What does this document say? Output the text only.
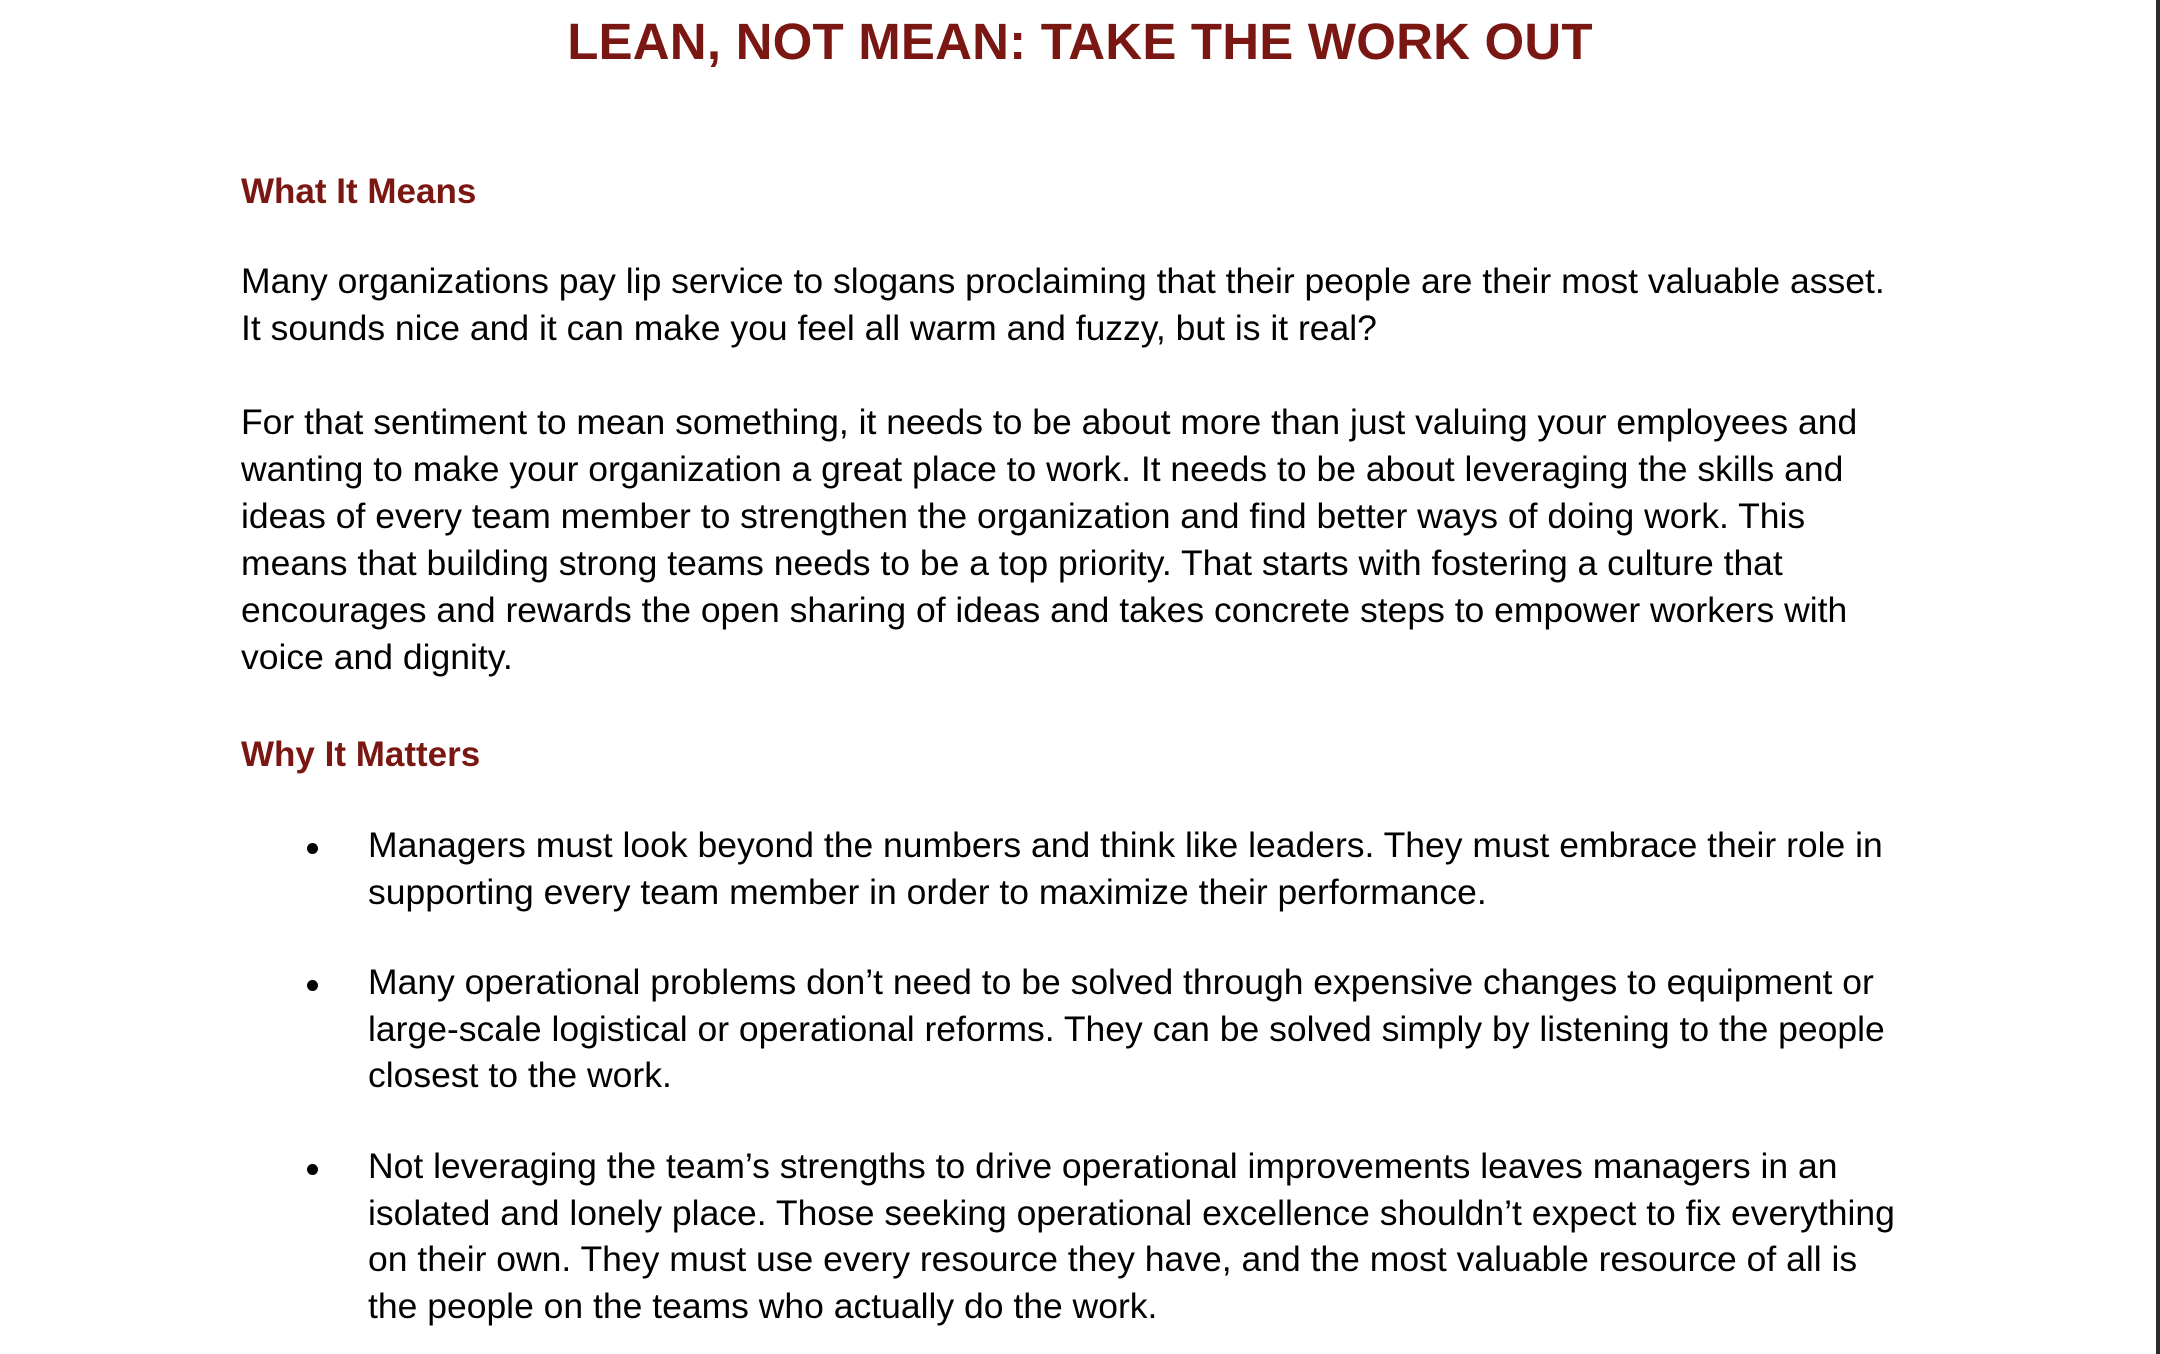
LEAN, NOT MEAN: TAKE THE WORK OUT
What It Means

Many organizations pay lip service to slogans proclaiming that their people are their most valuable asset.
It sounds nice and it can make you feel all warm and fuzzy, but is it real?

For that sentiment to mean something, it needs to be about more than just valuing your employees and
wanting to make your organization a great place to work. It needs to be about leveraging the skills and
ideas of every team member to strengthen the organization and find better ways of doing work. This
means that building strong teams needs to be a top priority. That starts with fostering a culture that
encourages and rewards the open sharing of ideas and takes concrete steps to empower workers with
voice and dignity.

Why It Matters
Managers must look beyond the numbers and think like leaders. They must embrace their role in
supporting every team member in order to maximize their performance.
Many operational problems don’t need to be solved through expensive changes to equipment or
large-scale logistical or operational reforms. They can be solved simply by listening to the people
closest to the work.
Not leveraging the team’s strengths to drive operational improvements leaves managers in an
isolated and lonely place. Those seeking operational excellence shouldn’t expect to fix everything
on their own. They must use every resource they have, and the most valuable resource of all is
the people on the teams who actually do the work.
